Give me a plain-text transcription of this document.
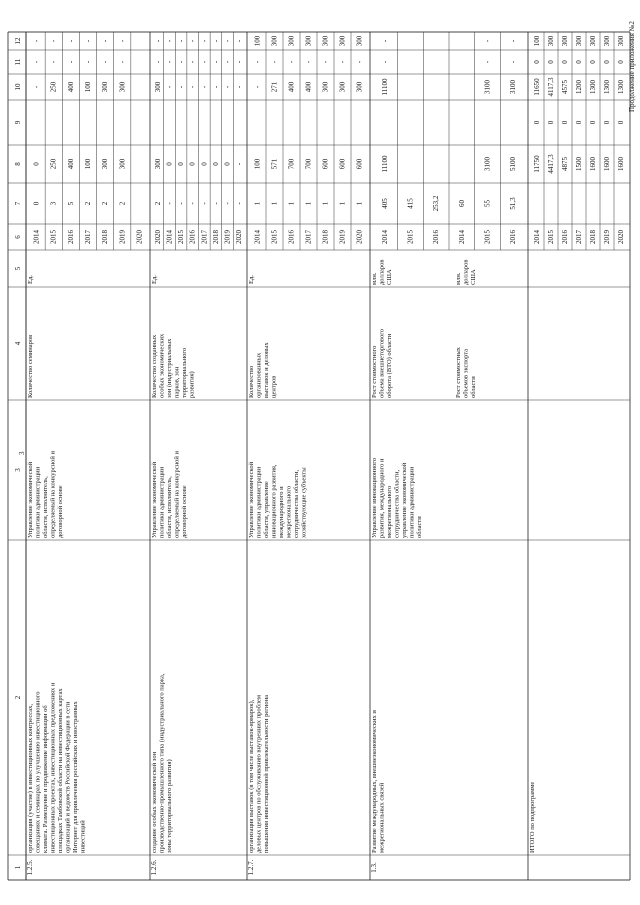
Продолжение приложения №2
3
1
2
3
4
5
6
7
8
9
10
11
12
1.2.5.
организация (участие) в инвестиционных конгрессах, совещаниях и семинарах по улучшению инвестиционного климата. Размещение и продвижение информации об инвестиционных проектах, инвестиционных предложениях и площадках Тамбовской области на инвестиционных картах организаций и ведомств Российской Федерации в сети Интернет для привлечения российских и иностранных инвестиций
Управление экономической политики администрации области, исполнитель, определяемый на конкурсной и договорной основе
Количество семинаров
Ед.
2014
0
0
-
-
-
2015
3
250
250
-
-
2016
5
400
400
-
-
2017
2
100
100
-
-
2018
2
300
300
-
-
2019
2
300
300
-
-
2020
1.2.6.
создание особых экономической зон производственно-промышленного типа (индустриального парка, зоны территориального развития)
Управление экономической политики администрации области, исполнитель, определяемый на конкурсной и договорной основе
Количество созданных особых экономических зон (индустриальных парков, зон территориального развития)
Ед.
2020
2
300
300
-
-
2014
-
0
-
-
-
2015
-
0
-
-
-
2016
-
0
-
-
-
2017
-
0
-
-
-
2018
-
0
-
-
-
2019
-
0
-
-
-
2020
-
-
-
-
-
1.2.7.
организация выставок (в том числе выставок-ярмарок), деловых центров по обслуживанию внутренних проблем повышения инвестиционной привлекательности региона
Управление экономической политики администрации области, управление инновационного развития, международного и межрегионального сотрудничества области, хозяйствующие субъекты
Количество организованных выставок и деловых центров
Ед.
2014
1
100
-
-
100
2015
1
571
271
-
300
2016
1
700
400
-
300
2017
1
700
400
-
300
2018
1
600
300
-
300
2019
1
600
300
-
300
2020
1
600
300
-
300
1.3.
Развитие международных, внешнеэкономических и межрегиональных связей
Управление инновационного развития, международного и межрегионального сотрудничества области, управление экономической политики администрации области
Рост стоимостного объема внешнеторгового оборота (ВТО) области	Рост стоимостных объемов экспорта области
млн. долларов США	млн. долларов США
2014
405
11100
11100
-
-
2015
415
2016
253,2
2014
60
2015
55
3100
3100
-
-
2016
51,3
5100
3100
-
-
ИТОГО по подпрограмме
2014
11750
0
11650
0
100
2015
4417,3
0
4117,3
0
300
2016
4875
0
4575
0
300
2017
1500
0
1200
0
300
2018
1600
0
1300
0
300
2019
1600
0
1300
0
300
2020
1600
0
1300
0
300
